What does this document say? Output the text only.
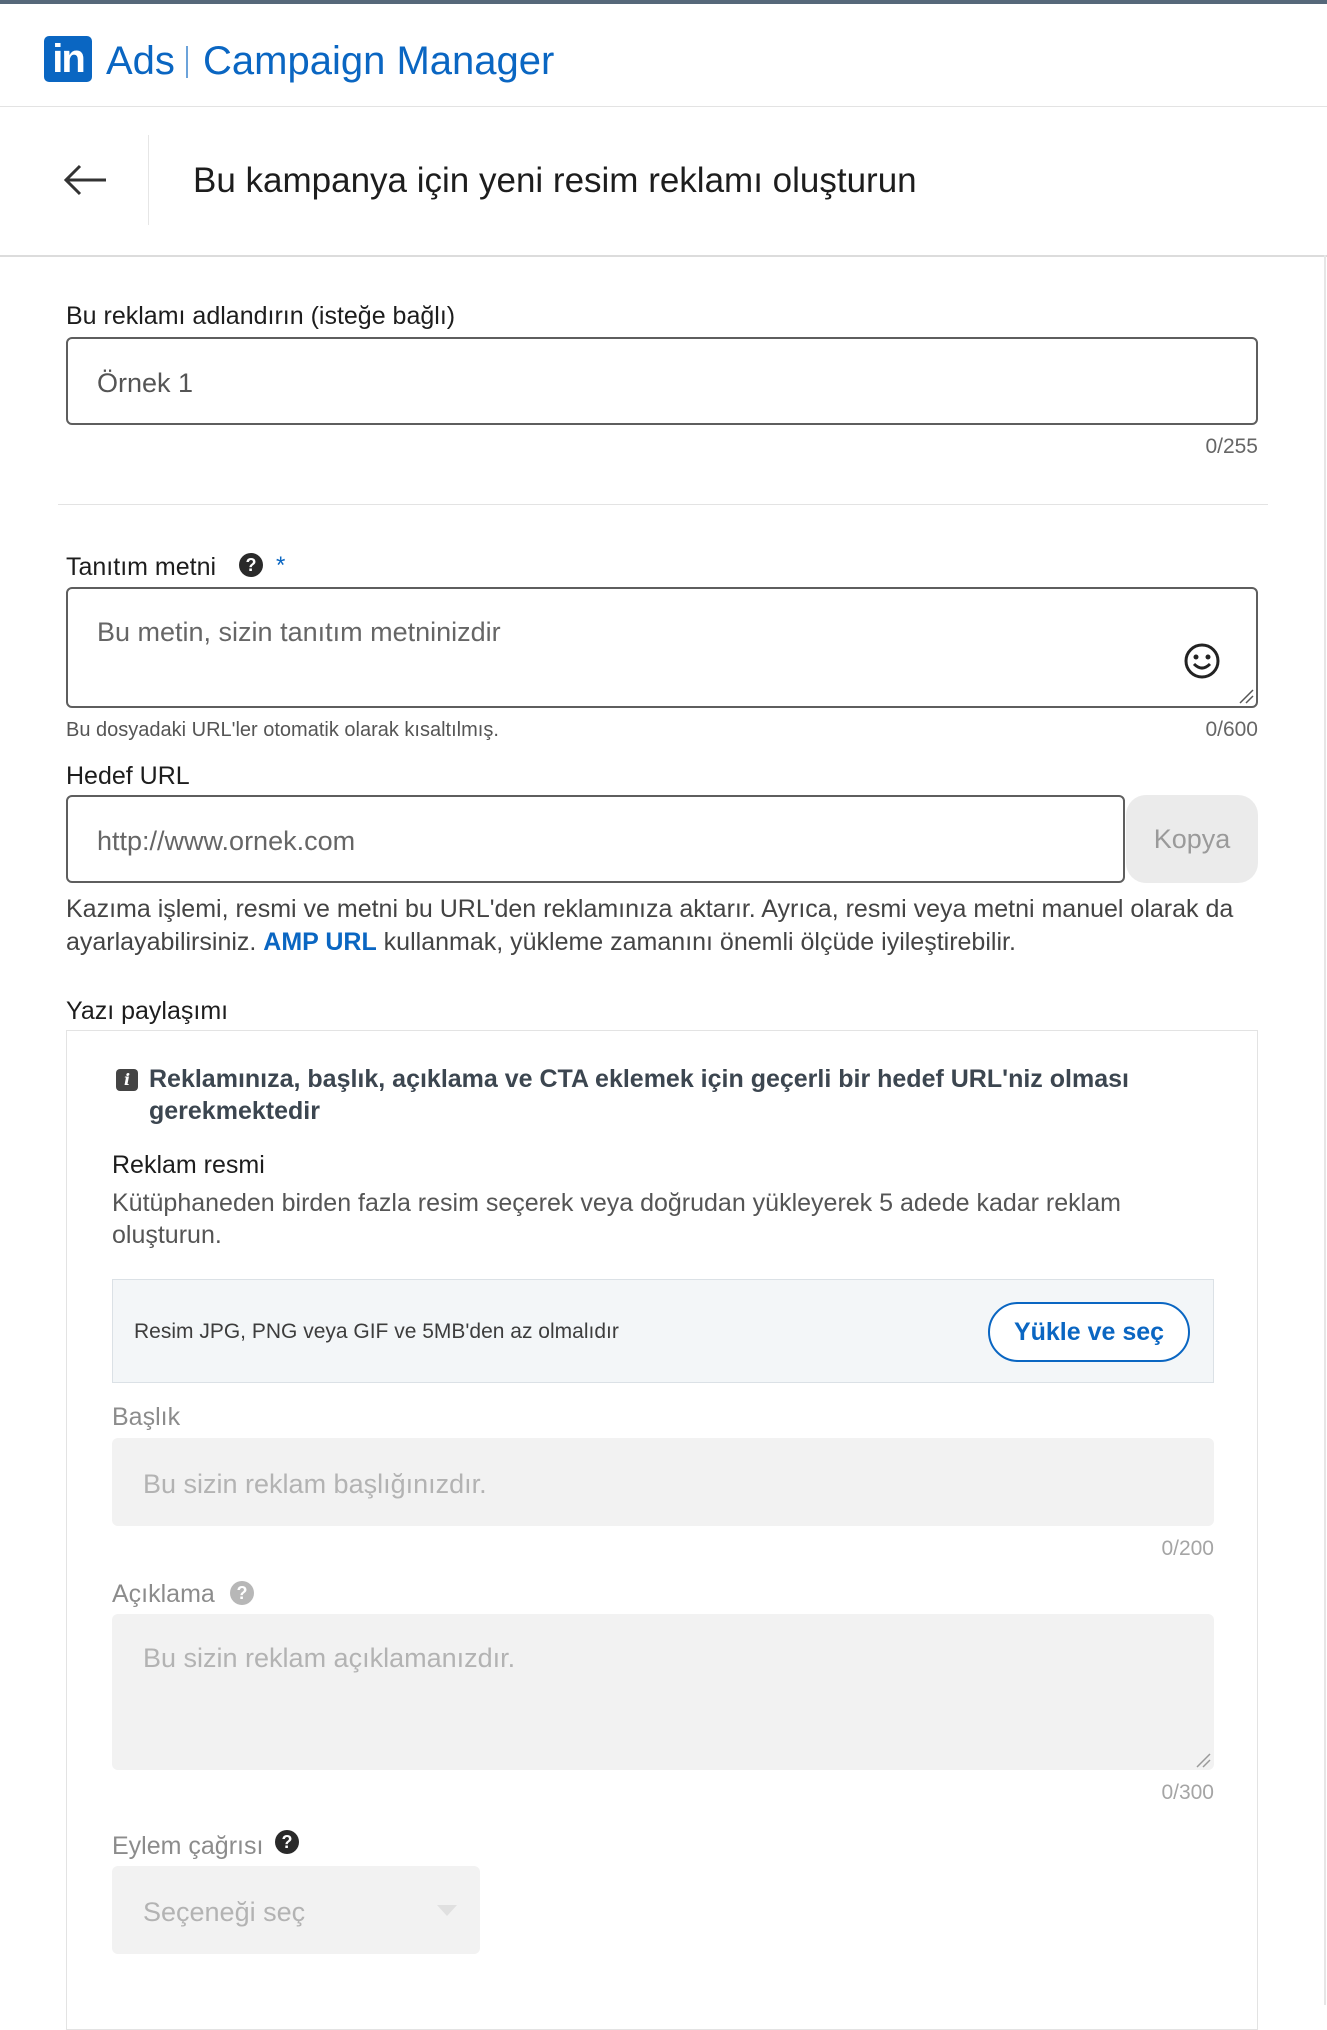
in Ads Campaign Manager
Bu kampanya için yeni resim reklamı oluşturun
Bu reklamı adlandırın (isteğe bağlı)
Örnek 1
0/255
Tanıtım metni	? *
Bu metin, sizin tanıtım metninizdir
Bu dosyadaki URL'ler otomatik olarak kısaltılmış.	0/600
Hedef URL
http://www.ornek.com	Kopya
Kazıma işlemi, resmi ve metni bu URL'den reklamınıza aktarır. Ayrıca, resmi veya metni manuel olarak da ayarlayabilirsiniz. AMP URL kullanmak, yükleme zamanını önemli ölçüde iyileştirebilir.
Yazı paylaşımı
i Reklamınıza, başlık, açıklama ve CTA eklemek için geçerli bir hedef URL'niz olması gerekmektedir
Reklam resmi
Kütüphaneden birden fazla resim seçerek veya doğrudan yükleyerek 5 adede kadar reklam oluşturun.
Resim JPG, PNG veya GIF ve 5MB'den az olmalıdır	Yükle ve seç
Başlık
Bu sizin reklam başlığınızdır.
0/200
Açıklama	?
Bu sizin reklam açıklamanızdır.
0/300
Eylem çağrısı	?
Seçeneği seç
